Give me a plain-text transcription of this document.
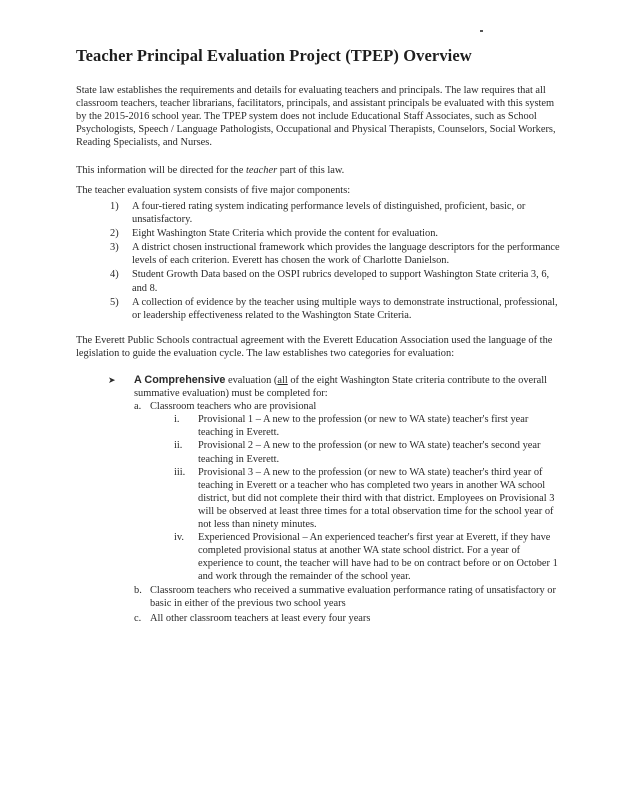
Teacher Principal Evaluation Project (TPEP) Overview

State law establishes the requirements and details for evaluating teachers and principals. The law requires that all classroom teachers, teacher librarians, facilitators, principals, and assistant principals be evaluated with this system by the 2015-2016 school year. The TPEP system does not include Educational Staff Associates, such as School Psychologists, Speech / Language Pathologists, Occupational and Physical Therapists, Counselors, Social Workers, Reading Specialists, and Nurses.

This information will be directed for the teacher part of this law.

The teacher evaluation system consists of five major components:

1) A four-tiered rating system indicating performance levels of distinguished, proficient, basic, or unsatisfactory.
2) Eight Washington State Criteria which provide the content for evaluation.
3) A district chosen instructional framework which provides the language descriptors for the performance levels of each criterion. Everett has chosen the work of Charlotte Danielson.
4) Student Growth Data based on the OSPI rubrics developed to support Washington State criteria 3, 6, and 8.
5) A collection of evidence by the teacher using multiple ways to demonstrate instructional, professional, or leadership effectiveness related to the Washington State Criteria.

The Everett Public Schools contractual agreement with the Everett Education Association used the language of the legislation to guide the evaluation cycle. The law establishes two categories for evaluation:

➤ A Comprehensive evaluation (all of the eight Washington State criteria contribute to the overall summative evaluation) must be completed for:
a. Classroom teachers who are provisional
i. Provisional 1 – A new to the profession (or new to WA state) teacher's first year teaching in Everett.
ii. Provisional 2 – A new to the profession (or new to WA state) teacher's second year teaching in Everett.
iii. Provisional 3 – A new to the profession (or new to WA state) teacher's third year of teaching in Everett or a teacher who has completed two years in another WA school district, but did not complete their third with that district. Employees on Provisional 3 will be observed at least three times for a total observation time for the school year of not less than ninety minutes.
iv. Experienced Provisional – An experienced teacher's first year at Everett, if they have completed provisional status at another WA state school district. For a year of experience to count, the teacher will have had to be on contract before or on October 1 and work through the remainder of the school year.
b. Classroom teachers who received a summative evaluation performance rating of unsatisfactory or basic in either of the previous two school years
c. All other classroom teachers at least every four years
